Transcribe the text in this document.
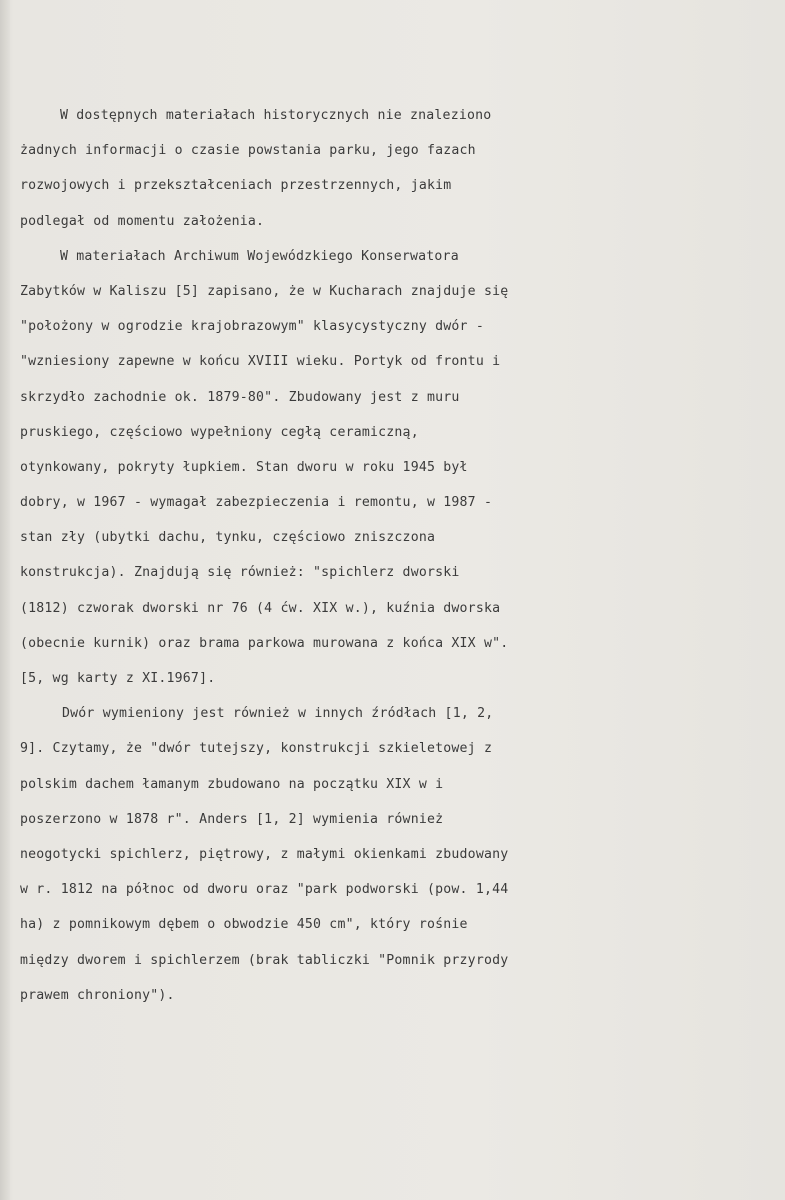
W dostępnych materiałach historycznych nie znaleziono
żadnych informacji o czasie powstania parku, jego fazach
rozwojowych i przekształceniach przestrzennych, jakim
podlegał od momentu założenia.
W materiałach Archiwum Wojewódzkiego Konserwatora
Zabytków w Kaliszu [5] zapisano, że w Kucharach znajduje się
"położony w ogrodzie krajobrazowym" klasycystyczny dwór -
"wzniesiony zapewne w końcu XVIII wieku. Portyk od frontu i
skrzydło zachodnie ok. 1879-80". Zbudowany jest z muru
pruskiego, częściowo wypełniony cegłą ceramiczną,
otynkowany, pokryty łupkiem. Stan dworu w roku 1945 był
dobry, w 1967 - wymagał zabezpieczenia i remontu, w 1987 -
stan zły (ubytki dachu, tynku, częściowo zniszczona
konstrukcja). Znajdują się również: "spichlerz dworski
(1812) czworak dworski nr 76 (4 ćw. XIX w.), kuźnia dworska
(obecnie kurnik) oraz brama parkowa murowana z końca XIX w".
[5, wg karty z XI.1967].
Dwór wymieniony jest również w innych źródłach [1, 2,
9]. Czytamy, że "dwór tutejszy, konstrukcji szkieletowej z
polskim dachem łamanym zbudowano na początku XIX w i
poszerzono w 1878 r". Anders [1, 2] wymienia również
neogotycki spichlerz, piętrowy, z małymi okienkami zbudowany
w r. 1812 na północ od dworu oraz "park podworski (pow. 1,44
ha) z pomnikowym dębem o obwodzie 450 cm", który rośnie
między dworem i spichlerzem (brak tabliczki "Pomnik przyrody
prawem chroniony").
